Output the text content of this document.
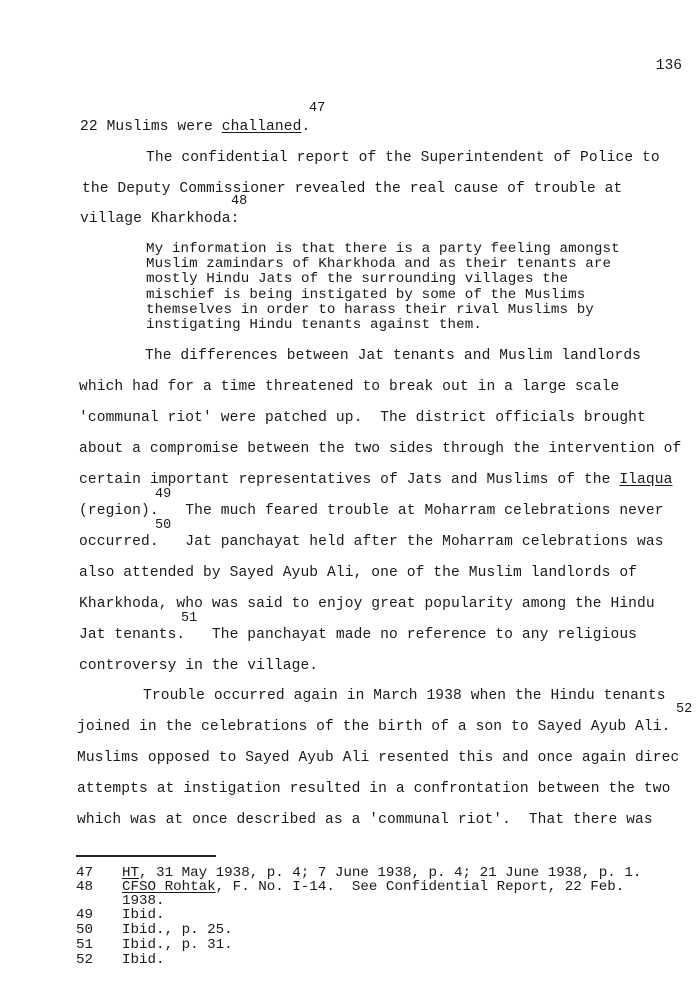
136
47
22 Muslims were challaned.
The confidential report of the Superintendent of Police to
the Deputy Commissioner revealed the real cause of trouble at
48
village Kharkhoda:
My information is that there is a party feeling amongst
Muslim zamindars of Kharkhoda and as their tenants are
mostly Hindu Jats of the surrounding villages the
mischief is being instigated by some of the Muslims
themselves in order to harass their rival Muslims by
instigating Hindu tenants against them.
The differences between Jat tenants and Muslim landlords
which had for a time threatened to break out in a large scale
'communal riot' were patched up.  The district officials brought
about a compromise between the two sides through the intervention of
certain important representatives of Jats and Muslims of the Ilaqua
49
(region).   The much feared trouble at Moharram celebrations never
50
occurred.   Jat panchayat held after the Moharram celebrations was
also attended by Sayed Ayub Ali, one of the Muslim landlords of
Kharkhoda, who was said to enjoy great popularity among the Hindu
51
Jat tenants.   The panchayat made no reference to any religious
controversy in the village.
Trouble occurred again in March 1938 when the Hindu tenants
52
joined in the celebrations of the birth of a son to Sayed Ayub Ali.
Muslims opposed to Sayed Ayub Ali resented this and once again direc
attempts at instigation resulted in a confrontation between the two
which was at once described as a 'communal riot'.  That there was
47 HT, 31 May 1938, p. 4; 7 June 1938, p. 4; 21 June 1938, p. 1.
48 CFSO Rohtak, F. No. I-14.  See Confidential Report, 22 Feb.
1938.
49 Ibid.
50 Ibid., p. 25.
51 Ibid., p. 31.
52 Ibid.
